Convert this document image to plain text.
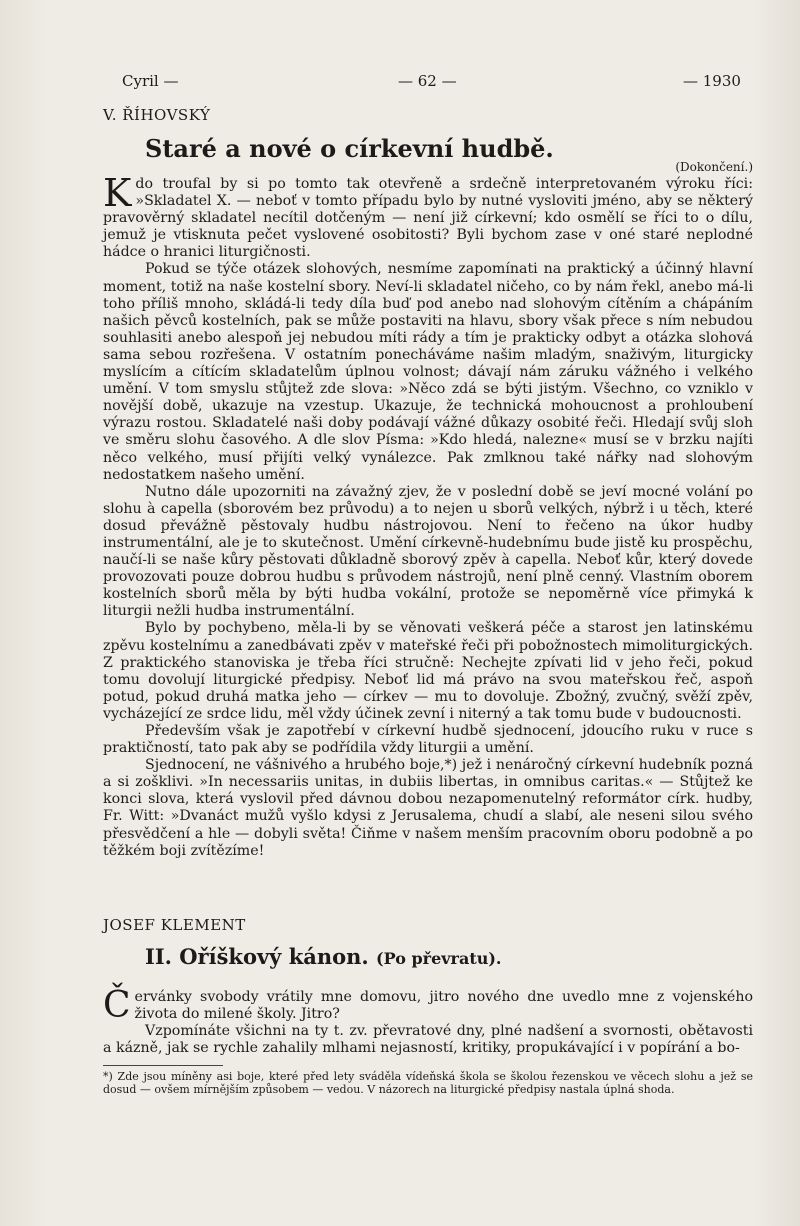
Cyril —	— 62 —	— 1930
V. ŘÍHOVSKÝ
Staré a nové o církevní hudbě.
(Dokončení.)

Kdo troufal by si po tomto tak otevřeně a srdečně interpretovaném výroku říci: »Skladatel X. — neboť v tomto případu bylo by nutné vysloviti jméno, aby se některý pravověrný skladatel necítil dotčeným — není již církevní; kdo osmělí se říci to o dílu, jemuž je vtisknuta pečet vyslovené osobitosti? Byli bychom zase v oné staré neplodné hádce o hranici liturgičnosti.

Pokud se týče otázek slohových, nesmíme zapomínati na praktický a účinný hlavní moment, totiž na naše kostelní sbory. Neví-li skladatel ničeho, co by nám řekl, anebo má-li toho příliš mnoho, skládá-li tedy díla buď pod anebo nad slohovým cítěním a chápáním našich pěvců kostelních, pak se může postaviti na hlavu, sbory však přece s ním nebudou souhlasiti anebo alespoň jej nebudou míti rády a tím je prakticky odbyt a otázka slohová sama sebou rozřešena. V ostatním ponecháváme našim mladým, snaživým, liturgicky myslícím a cítícím skladatelům úplnou volnost; dávají nám záruku vážného i velkého umění. V tom smyslu stůjtež zde slova: »Něco zdá se býti jistým. Všechno, co vzniklo v novější době, ukazuje na vzestup. Ukazuje, že technická mohoucnost a prohloubení výrazu rostou. Skladatelé naši doby podávají vážné důkazy osobité řeči. Hledají svůj sloh ve směru slohu časového. A dle slov Písma: »Kdo hledá, nalezne« musí se v brzku najíti něco velkého, musí přijíti velký vynálezce. Pak zmlknou také nářky nad slohovým nedostatkem našeho umění.

Nutno dále upozorniti na závažný zjev, že v poslední době se jeví mocné volání po slohu à capella (sborovém bez průvodu) a to nejen u sborů velkých, nýbrž i u těch, které dosud převážně pěstovaly hudbu nástrojovou. Není to řečeno na úkor hudby instrumentální, ale je to skutečnost. Umění církevně-hudebnímu bude jistě ku prospěchu, naučí-li se naše kůry pěstovati důkladně sborový zpěv à capella. Neboť kůr, který dovede provozovati pouze dobrou hudbu s průvodem nástrojů, není plně cenný. Vlastním oborem kostelních sborů měla by býti hudba vokální, protože se nepoměrně více přimyká k liturgii nežli hudba instrumentální.

Bylo by pochybeno, měla-li by se věnovati veškerá péče a starost jen latinskému zpěvu kostelnímu a zanedbávati zpěv v mateřské řeči při pobožnostech mimoliturgických. Z praktického stanoviska je třeba říci stručně: Nechejte zpívati lid v jeho řeči, pokud tomu dovolují liturgické předpisy. Neboť lid má právo na svou mateřskou řeč, aspoň potud, pokud druhá matka jeho — církev — mu to dovoluje. Zbožný, zvučný, svěží zpěv, vycházející ze srdce lidu, měl vždy účinek zevní i niterný a tak tomu bude v budoucnosti.

Především však je zapotřebí v církevní hudbě sjednocení, jdoucího ruku v ruce s praktičností, tato pak aby se podřídila vždy liturgii a umění.

Sjednocení, ne vášnivého a hrubého boje,*) jež i nenáročný církevní hudebník pozná a si zošklivi. »In necessariis unitas, in dubiis libertas, in omnibus caritas.« — Stůjtež ke konci slova, která vyslovil před dávnou dobou nezapomenutelný reformátor círk. hudby, Fr. Witt: »Dvanáct mužů vyšlo kdysi z Jerusalema, chudí a slabí, ale neseni silou svého přesvědčení a hle — dobyli světa! Čiňme v našem menším pracovním oboru podobně a po těžkém boji zvítězíme!

JOSEF KLEMENT
II. Oříškový kánon. (Po převratu).

Červánky svobody vrátily mne domovu, jitro nového dne uvedlo mne z vojenského života do milené školy. Jitro?

Vzpomínáte všichni na ty t. zv. převratové dny, plné nadšení a svornosti, obětavosti a kázně, jak se rychle zahalily mlhami nejasností, kritiky, propukávající i v popírání a bo-

*) Zde jsou míněny asi boje, které před lety sváděla vídeňská škola se školou řezenskou ve věcech slohu a jež se dosud — ovšem mírnějším způsobem — vedou. V názorech na liturgické předpisy nastala úplná shoda.
